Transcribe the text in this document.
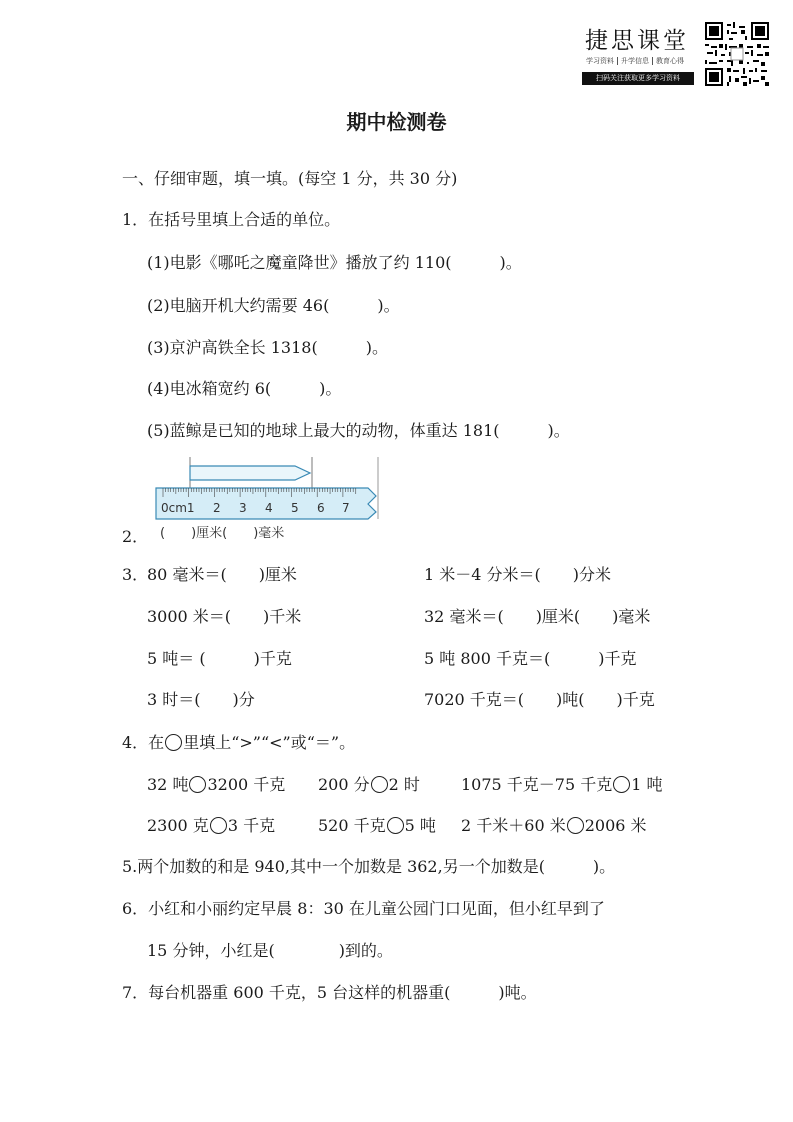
捷思课堂
学习资料 升学信息 教育心得
扫码关注获取更多学习资料
期中检测卷
一、仔细审题，填一填。(每空 1 分，共 30 分)
1．在括号里填上合适的单位。
(1)电影《哪吒之魔童降世》播放了约 110(　　　)。
(2)电脑开机大约需要 46(　　　)。
(3)京沪高铁全长 1318(　　　)。
(4)电冰箱宽约 6(　　　)。
(5)蓝鲸是已知的地球上最大的动物，体重达 181(　　　)。
2．
0cm1 2 3 4 5 6 7
(　　)厘米(　　)毫米
3．
80 毫米＝(　　)厘米	1 米－4 分米＝(　　)分米
3000 米＝(　　)千米	32 毫米＝(　　)厘米(　　)毫米
5 吨＝ (　　　)千克	5 吨 800 千克＝(　　　)千克
3 时＝(　　)分	7020 千克＝(　　)吨(　　)千克
4．在 里填上“>”“<”或“＝”。
32 吨 3200 千克 200 分 2 时	1075 千克－75 千克 1 吨
2300 克 3 千克	520 千克 5 吨 2 千米＋60 米 2006 米
5.两个加数的和是 940,其中一个加数是 362,另一个加数是(　　　)。
6．小红和小丽约定早晨 8：30 在儿童公园门口见面，但小红早到了
15 分钟，小红是(　　　　)到的。
7．每台机器重 600 千克，5 台这样的机器重(　　　)吨。
